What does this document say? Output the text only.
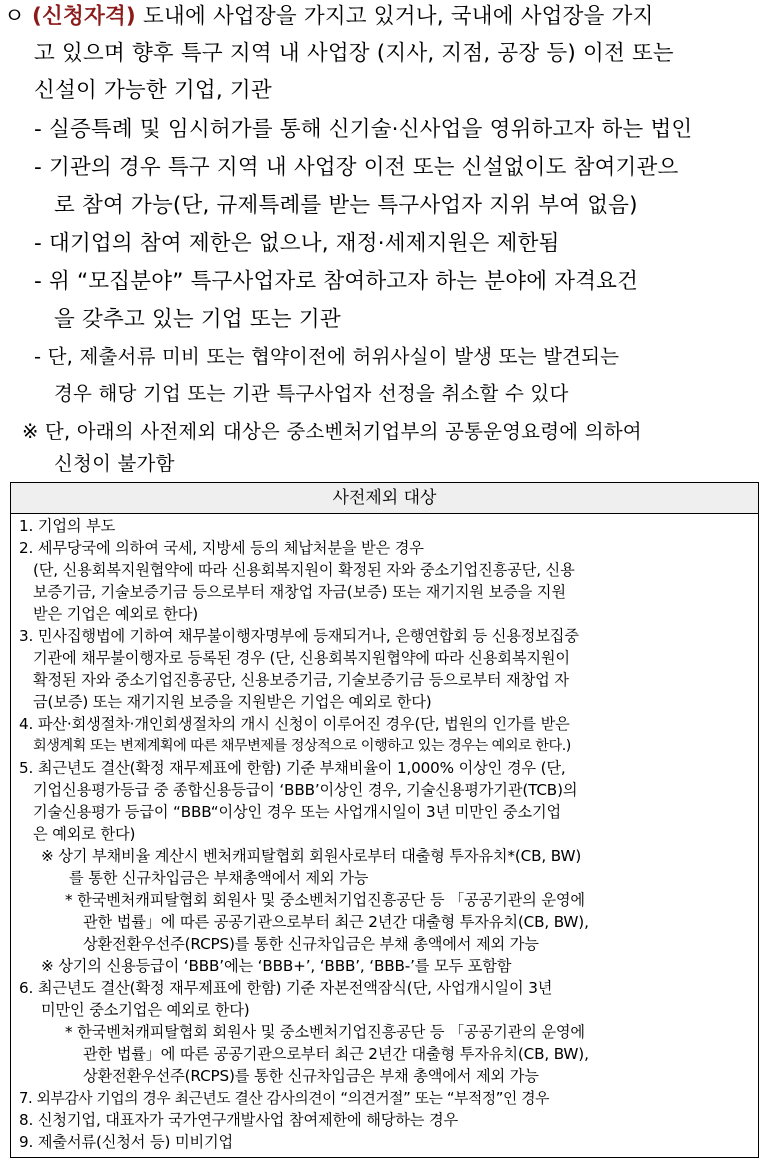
ㅇ (신청자격) 도내에 사업장을 가지고 있거나, 국내에 사업장을 가지
고 있으며 향후 특구 지역 내 사업장 (지사, 지점, 공장 등) 이전 또는
신설이 가능한 기업, 기관
- 실증특례 및 임시허가를 통해 신기술·신사업을 영위하고자 하는 법인
- 기관의 경우 특구 지역 내 사업장 이전 또는 신설없이도 참여기관으
로 참여 가능(단, 규제특례를 받는 특구사업자 지위 부여 없음)
- 대기업의 참여 제한은 없으나, 재정·세제지원은 제한됨
- 위 “모집분야” 특구사업자로 참여하고자 하는 분야에 자격요건
을 갖추고 있는 기업 또는 기관
- 단, 제출서류 미비 또는 협약이전에 허위사실이 발생 또는 발견되는
경우 해당 기업 또는 기관 특구사업자 선정을 취소할 수 있다
※ 단, 아래의 사전제외 대상은 중소벤처기업부의 공통운영요령에 의하여
신청이 불가함
사전제외 대상
1. 기업의 부도
2. 세무당국에 의하여 국세, 지방세 등의 체납처분을 받은 경우
(단, 신용회복지원협약에 따라 신용회복지원이 확정된 자와 중소기업진흥공단, 신용
보증기금, 기술보증기금 등으로부터 재창업 자금(보증) 또는 재기지원 보증을 지원
받은 기업은 예외로 한다)
3. 민사집행법에 기하여 채무불이행자명부에 등재되거나, 은행연합회 등 신용정보집중
기관에 채무불이행자로 등록된 경우 (단, 신용회복지원협약에 따라 신용회복지원이
확정된 자와 중소기업진흥공단, 신용보증기금, 기술보증기금 등으로부터 재창업 자
금(보증) 또는 재기지원 보증을 지원받은 기업은 예외로 한다)
4. 파산·회생절차·개인회생절차의 개시 신청이 이루어진 경우(단, 법원의 인가를 받은
회생계획 또는 변제계획에 따른 채무변제를 정상적으로 이행하고 있는 경우는 예외로 한다.)
5. 최근년도 결산(확정 재무제표에 한함) 기준 부채비율이 1,000% 이상인 경우 (단,
기업신용평가등급 중 종합신용등급이 ‘BBB’이상인 경우, 기술신용평가기관(TCB)의
기술신용평가 등급이 “BBB“이상인 경우 또는 사업개시일이 3년 미만인 중소기업
은 예외로 한다)
※ 상기 부채비율 계산시 벤처캐피탈협회 회원사로부터 대출형 투자유치*(CB, BW)
를 통한 신규차입금은 부채총액에서 제외 가능
* 한국벤처캐피탈협회 회원사 및 중소벤처기업진흥공단 등 「공공기관의 운영에
관한 법률」에 따른 공공기관으로부터 최근 2년간 대출형 투자유치(CB, BW),
상환전환우선주(RCPS)를 통한 신규차입금은 부채 총액에서 제외 가능
※ 상기의 신용등급이 ‘BBB’에는 ‘BBB+’, ‘BBB’, ‘BBB-’를 모두 포함함
6. 최근년도 결산(확정 재무제표에 한함) 기준 자본전액잠식(단, 사업개시일이 3년
미만인 중소기업은 예외로 한다)
* 한국벤처캐피탈협회 회원사 및 중소벤처기업진흥공단 등 「공공기관의 운영에
관한 법률」에 따른 공공기관으로부터 최근 2년간 대출형 투자유치(CB, BW),
상환전환우선주(RCPS)를 통한 신규차입금은 부채 총액에서 제외 가능
7. 외부감사 기업의 경우 최근년도 결산 감사의견이 “의견거절” 또는 “부적정”인 경우
8. 신청기업, 대표자가 국가연구개발사업 참여제한에 해당하는 경우
9. 제출서류(신청서 등) 미비기업
